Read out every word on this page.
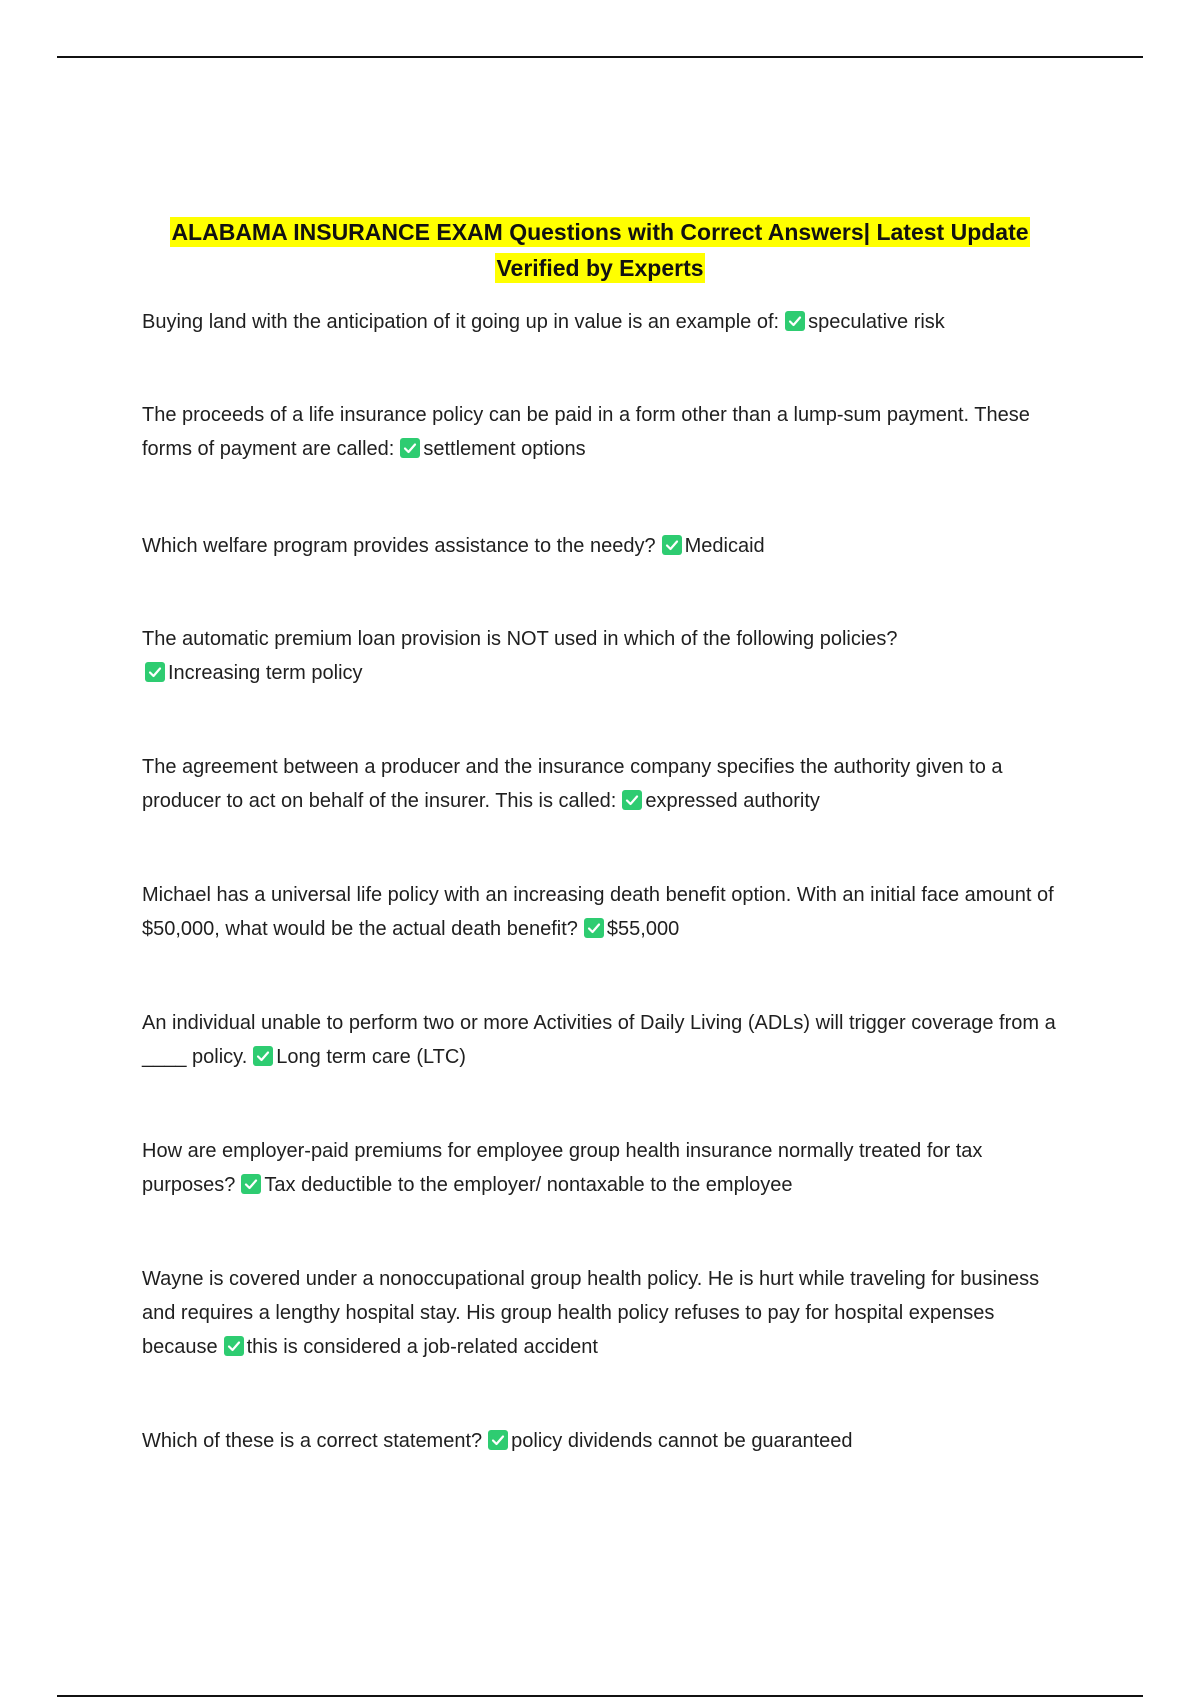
ALABAMA INSURANCE EXAM Questions with Correct Answers| Latest Update
Verified by Experts

Buying land with the anticipation of it going up in value is an example of: speculative risk

The proceeds of a life insurance policy can be paid in a form other than a lump-sum payment. These forms of payment are called: settlement options

Which welfare program provides assistance to the needy? Medicaid

The automatic premium loan provision is NOT used in which of the following policies?

Increasing term policy

The agreement between a producer and the insurance company specifies the authority given to a producer to act on behalf of the insurer. This is called: expressed authority

Michael has a universal life policy with an increasing death benefit option. With an initial face amount of $50,000, what would be the actual death benefit? $55,000

An individual unable to perform two or more Activities of Daily Living (ADLs) will trigger coverage from a ____ policy. Long term care (LTC)

How are employer-paid premiums for employee group health insurance normally treated for tax purposes? Tax deductible to the employer/ nontaxable to the employee

Wayne is covered under a nonoccupational group health policy. He is hurt while traveling for business and requires a lengthy hospital stay. His group health policy refuses to pay for hospital expenses because this is considered a job-related accident

Which of these is a correct statement? policy dividends cannot be guaranteed
